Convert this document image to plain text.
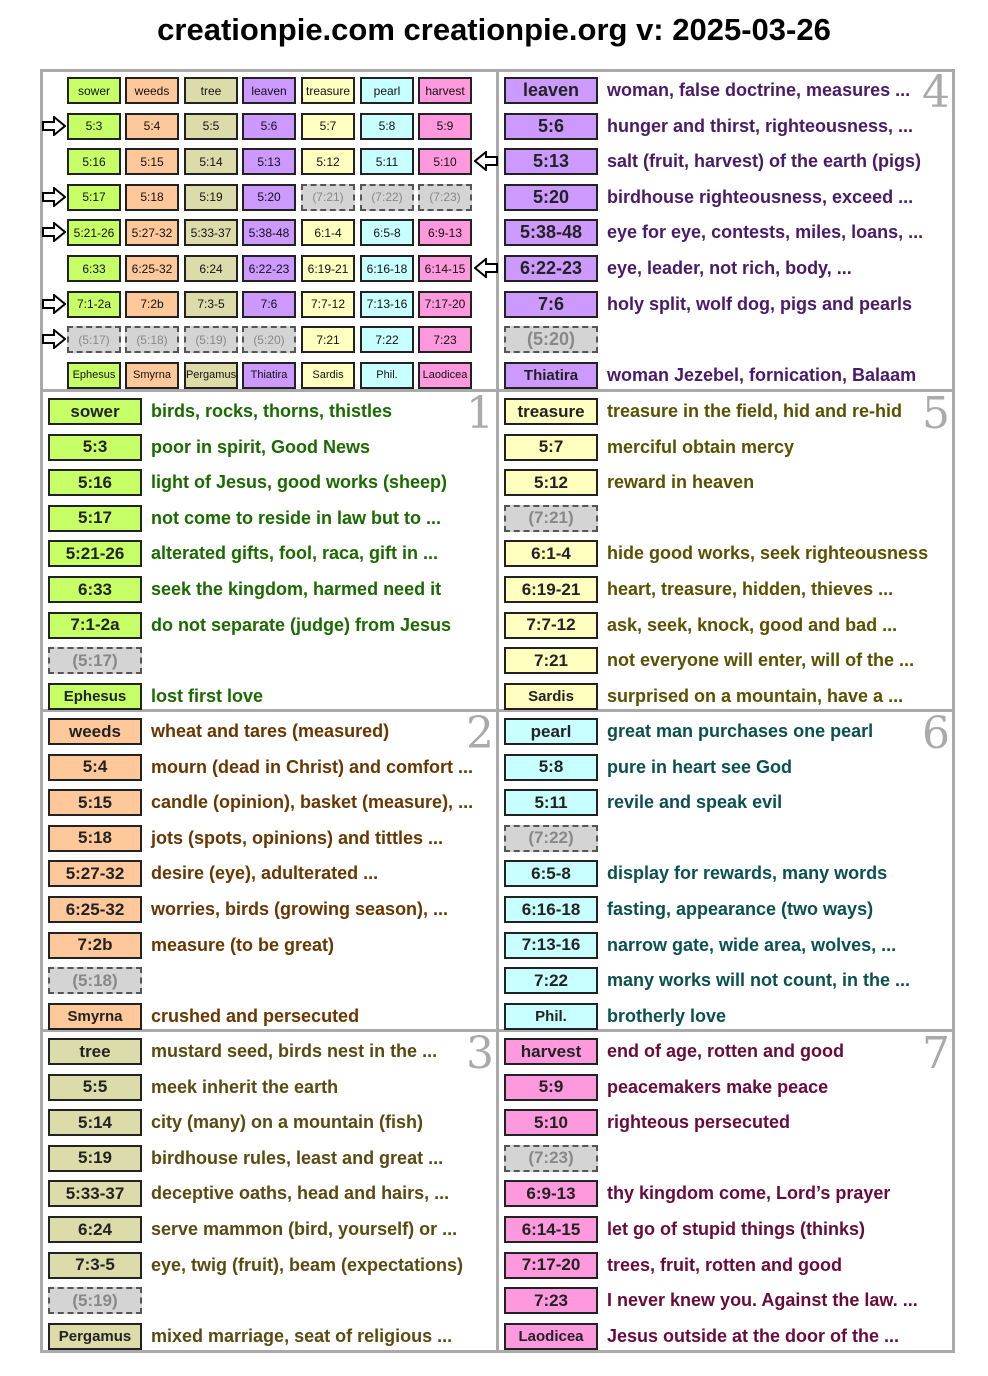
creationpie.com creationpie.org v: 2025-03-26
sower	weeds	tree	leaven	treasure	pearl	harvest
5:3	5:4	5:5	5:6	5:7	5:8	5:9
5:16	5:15	5:14	5:13	5:12	5:11	5:10
5:17	5:18	5:19	5:20	(7:21)	(7:22)	(7:23)
5:21-26	5:27-32	5:33-37	5:38-48	6:1-4	6:5-8	6:9-13
6:33	6:25-32	6:24	6:22-23	6:19-21	6:16-18	6:14-15
7:1-2a	7:2b	7:3-5	7:6	7:7-12	7:13-16	7:17-20
(5:17)	(5:18)	(5:19)	(5:20)	7:21	7:22	7:23
Ephesus	Smyrna	Pergamus	Thiatira	Sardis	Phil.	Laodicea
4
leaven	woman, false doctrine, measures ...
5:6	hunger and thirst, righteousness, ...
5:13	salt (fruit, harvest) of the earth (pigs)
5:20	birdhouse righteousness, exceed ...
5:38-48	eye for eye, contests, miles, loans, ...
6:22-23	eye, leader, not rich, body, ...
7:6	holy split, wolf dog, pigs and pearls
(5:20)
Thiatira	woman Jezebel, fornication, Balaam
1
sower	birds, rocks, thorns, thistles
5:3	poor in spirit, Good News
5:16	light of Jesus, good works (sheep)
5:17	not come to reside in law but to ...
5:21-26	alterated gifts, fool, raca, gift in ...
6:33	seek the kingdom, harmed need it
7:1-2a	do not separate (judge) from Jesus
(5:17)
Ephesus	lost first love
5
treasure	treasure in the field, hid and re-hid
5:7	merciful obtain mercy
5:12	reward in heaven
(7:21)
6:1-4	hide good works, seek righteousness
6:19-21	heart, treasure, hidden, thieves ...
7:7-12	ask, seek, knock, good and bad ...
7:21	not everyone will enter, will of the ...
Sardis	surprised on a mountain, have a ...
2
weeds	wheat and tares (measured)
5:4	mourn (dead in Christ) and comfort ...
5:15	candle (opinion), basket (measure), ...
5:18	jots (spots, opinions) and tittles ...
5:27-32	desire (eye), adulterated ...
6:25-32	worries, birds (growing season), ...
7:2b	measure (to be great)
(5:18)
Smyrna	crushed and persecuted
6
pearl	great man purchases one pearl
5:8	pure in heart see God
5:11	revile and speak evil
(7:22)
6:5-8	display for rewards, many words
6:16-18	fasting, appearance (two ways)
7:13-16	narrow gate, wide area, wolves, ...
7:22	many works will not count, in the ...
Phil.	brotherly love
3
tree	mustard seed, birds nest in the ...
5:5	meek inherit the earth
5:14	city (many) on a mountain (fish)
5:19	birdhouse rules, least and great ...
5:33-37	deceptive oaths, head and hairs, ...
6:24	serve mammon (bird, yourself) or ...
7:3-5	eye, twig (fruit), beam (expectations)
(5:19)
Pergamus	mixed marriage, seat of religious ...
7
harvest	end of age, rotten and good
5:9	peacemakers make peace
5:10	righteous persecuted
(7:23)
6:9-13	thy kingdom come, Lord’s prayer
6:14-15	let go of stupid things (thinks)
7:17-20	trees, fruit, rotten and good
7:23	I never knew you. Against the law. ...
Laodicea	Jesus outside at the door of the ...
